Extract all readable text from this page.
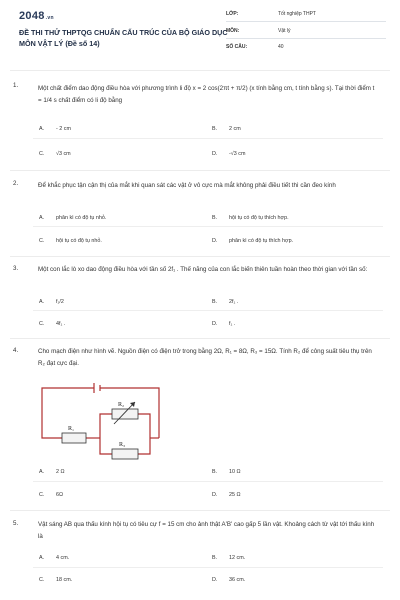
2048.vn
ĐỀ THI THỬ THPTQG CHUẨN CẤU TRÚC CỦA BỘ GIÁO DỤC MÔN VẬT LÝ (Đề số 14)
LỚP:	Tốt nghiệp THPT
MÔN:	Vật lý
SỐ CÂU:	40
1.	Một chất điểm dao động điều hòa với phương trình li độ x = 2 cos(2πt + π/2) (x tính bằng cm, t tính bằng s). Tại thời điểm t = 1/4 s chất điểm có li độ bằng
A. - 2 cm	B. 2 cm
C. √3 cm	D. -√3 cm
2.	Để khắc phục tận cận thị của mắt khi quan sát các vật ở vô cực mà mắt không phải điều tiết thì cần đeo kính
A. phân kì có độ tụ nhỏ.	B. hội tụ có độ tụ thích hợp.
C. hội tụ có độ tụ nhỏ.	D. phân kì có độ tụ thích hợp.
3.	Một con lắc lò xo dao động điều hòa với tần số 2f₁ . Thế năng của con lắc biến thiên tuần hoàn theo thời gian với tần số:
A. f₁/2	B. 2f₁ .
C. 4f₁ .	D. f₁ .
4.	Cho mạch điện như hình vẽ. Nguồn điện có điện trở trong bằng 2Ω, R₁ = 8Ω, R₃ = 15Ω. Tính R₂ để công suất tiêu thụ trên R₂ đạt cực đại.
R₁
R₂
R₃
A. 2 Ω	B. 10 Ω
C. 6Ω	D. 25 Ω
5.	Vật sáng AB qua thấu kính hội tụ có tiêu cự f = 15 cm cho ảnh thật A'B' cao gấp 5 lần vật. Khoảng cách từ vật tới thấu kính là
A. 4 cm.	B. 12 cm.
C. 18 cm.	D. 36 cm.
